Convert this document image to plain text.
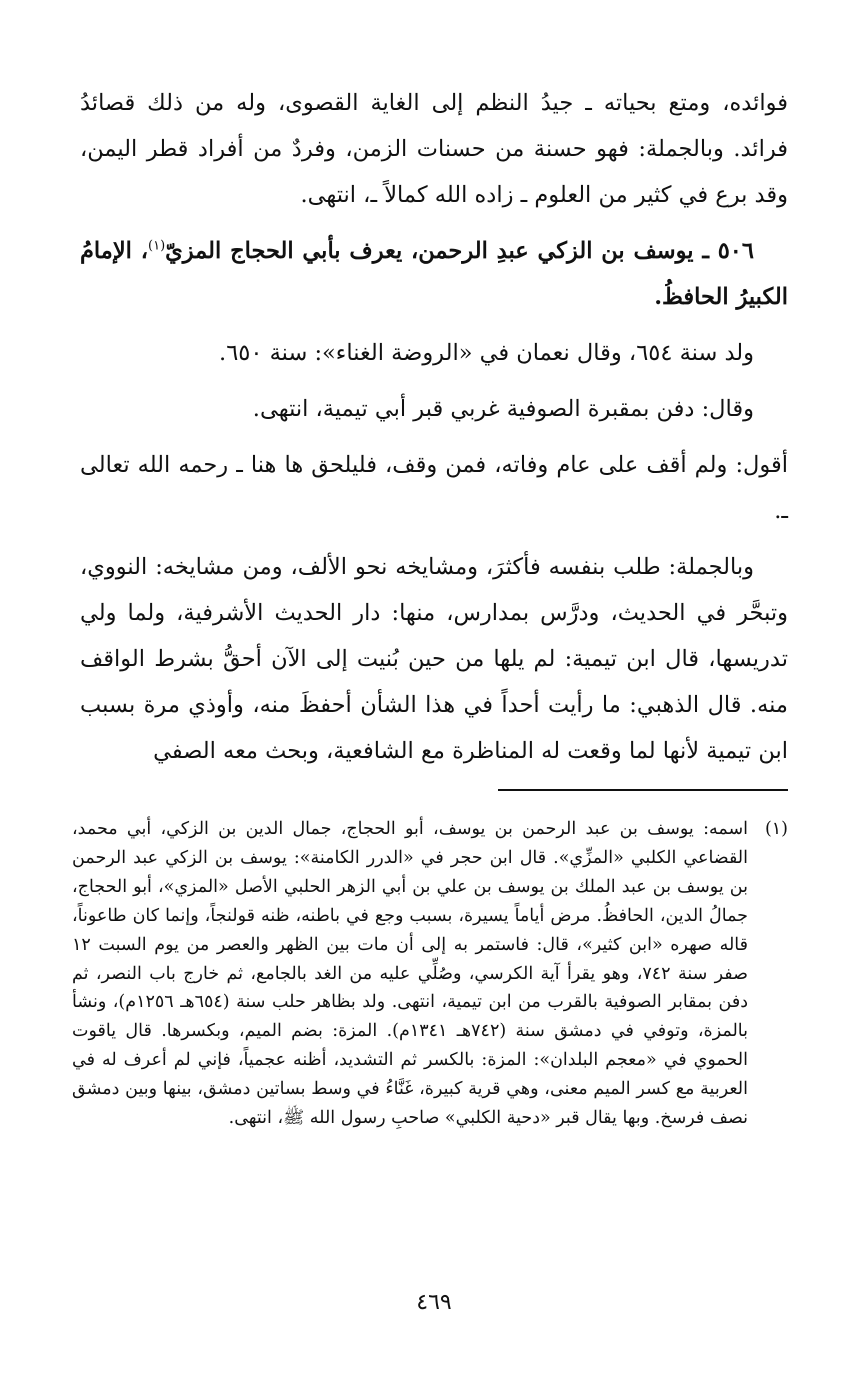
فوائده، ومتع بحياته ـ جيدُ النظم إلى الغاية القصوى، وله من ذلك قصائدُ فرائد. وبالجملة: فهو حسنة من حسنات الزمن، وفردٌ من أفراد قطر اليمن، وقد برع في كثير من العلوم ـ زاده الله كمالاً ـ، انتهى.

٥٠٦ ـ يوسف بن الزكي عبدِ الرحمن، يعرف بأبي الحجاج المزيّ$^{(١)}$، الإمامُ الكبيرُ الحافظُ.

ولد سنة ٦٥٤، وقال نعمان في «الروضة الغناء»: سنة ٦٥٠.

وقال: دفن بمقبرة الصوفية غربي قبر أبي تيمية، انتهى.

أقول: ولم أقف على عام وفاته، فمن وقف، فليلحق ها هنا ـ رحمه الله تعالى ـ.

وبالجملة: طلب بنفسه فأكثرَ، ومشايخه نحو الألف، ومن مشايخه: النووي، وتبحَّر في الحديث، ودرَّس بمدارس، منها: دار الحديث الأشرفية، ولما ولي تدريسها، قال ابن تيمية: لم يلها من حين بُنيت إلى الآن أحقُّ بشرط الواقف منه. قال الذهبي: ما رأيت أحداً في هذا الشأن أحفظَ منه، وأوذي مرة بسبب ابن تيمية لأنها لما وقعت له المناظرة مع الشافعية، وبحث معه الصفي

(١)
اسمه: يوسف بن عبد الرحمن بن يوسف، أبو الحجاج، جمال الدين بن الزكي، أبي محمد، القضاعي الكلبي «المزِّي». قال ابن حجر في «الدرر الكامنة»: يوسف بن الزكي عبد الرحمن بن يوسف بن عبد الملك بن يوسف بن علي بن أبي الزهر الحلبي الأصل «المزي»، أبو الحجاج، جمالُ الدين، الحافظُ. مرض أياماً يسيرة، بسبب وجع في باطنه، ظنه قولنجاً، وإنما كان طاعوناً، قاله صهره «ابن كثير»، قال: فاستمر به إلى أن مات بين الظهر والعصر من يوم السبت ١٢ صفر سنة ٧٤٢، وهو يقرأ آية الكرسي، وصُلِّي عليه من الغد بالجامع، ثم خارج باب النصر، ثم دفن بمقابر الصوفية بالقرب من ابن تيمية، انتهى. ولد بظاهر حلب سنة (٦٥٤هـ ١٢٥٦م)، ونشأ بالمزة، وتوفي في دمشق سنة (٧٤٢هـ ١٣٤١م). المزة: بضم الميم، وبكسرها. قال ياقوت الحموي في «معجم البلدان»: المزة: بالكسر ثم التشديد، أظنه عجمياً، فإني لم أعرف له في العربية مع كسر الميم معنى، وهي قرية كبيرة، غَنَّاءُ في وسط بساتين دمشق، بينها وبين دمشق نصف فرسخ. وبها يقال قبر «دحية الكلبي» صاحبِ رسول الله ﷺ، انتهى.
٤٦٩
